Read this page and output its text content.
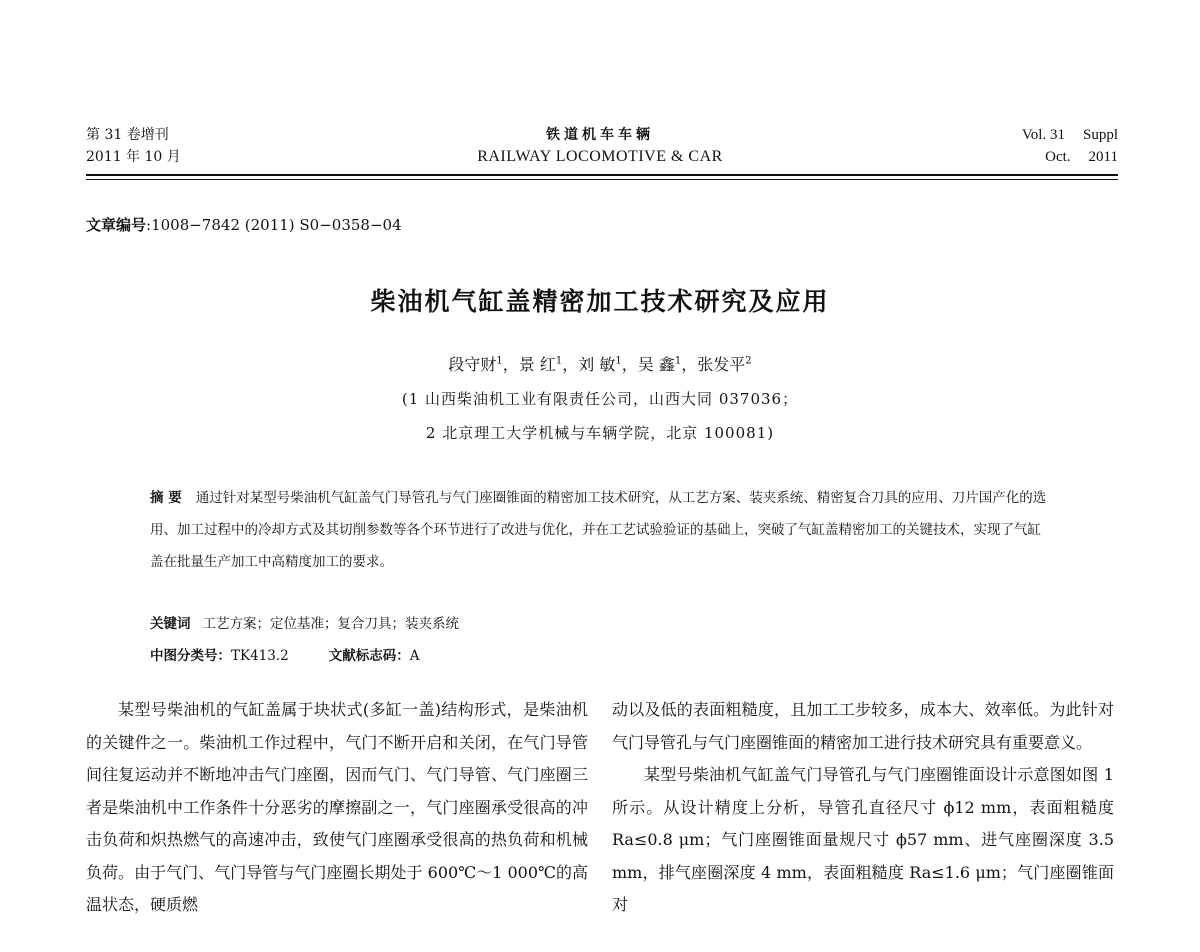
第 31 卷增刊
2011 年 10 月
铁道机车车辆
RAILWAY LOCOMOTIVE & CAR
Vol. 31 Suppl
Oct. 2011
文章编号:1008−7842 (2011) S0−0358−04
柴油机气缸盖精密加工技术研究及应用
段守财$^1$，景 红$^1$，刘 敏$^1$，吴 鑫$^1$，张发平$^2$
(1 山西柴油机工业有限责任公司，山西大同 037036；
2 北京理工大学机械与车辆学院，北京 100081)
摘 要 通过针对某型号柴油机气缸盖气门导管孔与气门座圈锥面的精密加工技术研究，从工艺方案、装夹系统、精密复合刀具的应用、刀片国产化的选用、加工过程中的冷却方式及其切削参数等各个环节进行了改进与优化，并在工艺试验验证的基础上，突破了气缸盖精密加工的关键技术，实现了气缸盖在批量生产加工中高精度加工的要求。
关键词 工艺方案；定位基准；复合刀具；装夹系统
中图分类号：TK413.2	文献标志码：A

某型号柴油机的气缸盖属于块状式(多缸一盖)结构形式，是柴油机的关键件之一。柴油机工作过程中，气门不断开启和关闭，在气门导管间往复运动并不断地冲击气门座圈，因而气门、气门导管、气门座圈三者是柴油机中工作条件十分恶劣的摩擦副之一，气门座圈承受很高的冲击负荷和炽热燃气的高速冲击，致使气门座圈承受很高的热负荷和机械负荷。由于气门、气门导管与气门座圈长期处于 600℃～1 000℃的高温状态，硬质燃

动以及低的表面粗糙度，且加工工步较多，成本大、效率低。为此针对气门导管孔与气门座圈锥面的精密加工进行技术研究具有重要意义。

某型号柴油机气缸盖气门导管孔与气门座圈锥面设计示意图如图 1 所示。从设计精度上分析，导管孔直径尺寸 ϕ12 mm，表面粗糙度 Ra≤0.8 μm；气门座圈锥面量规尺寸 ϕ57 mm、进气座圈深度 3.5 mm，排气座圈深度 4 mm，表面粗糙度 Ra≤1.6 μm；气门座圈锥面对
